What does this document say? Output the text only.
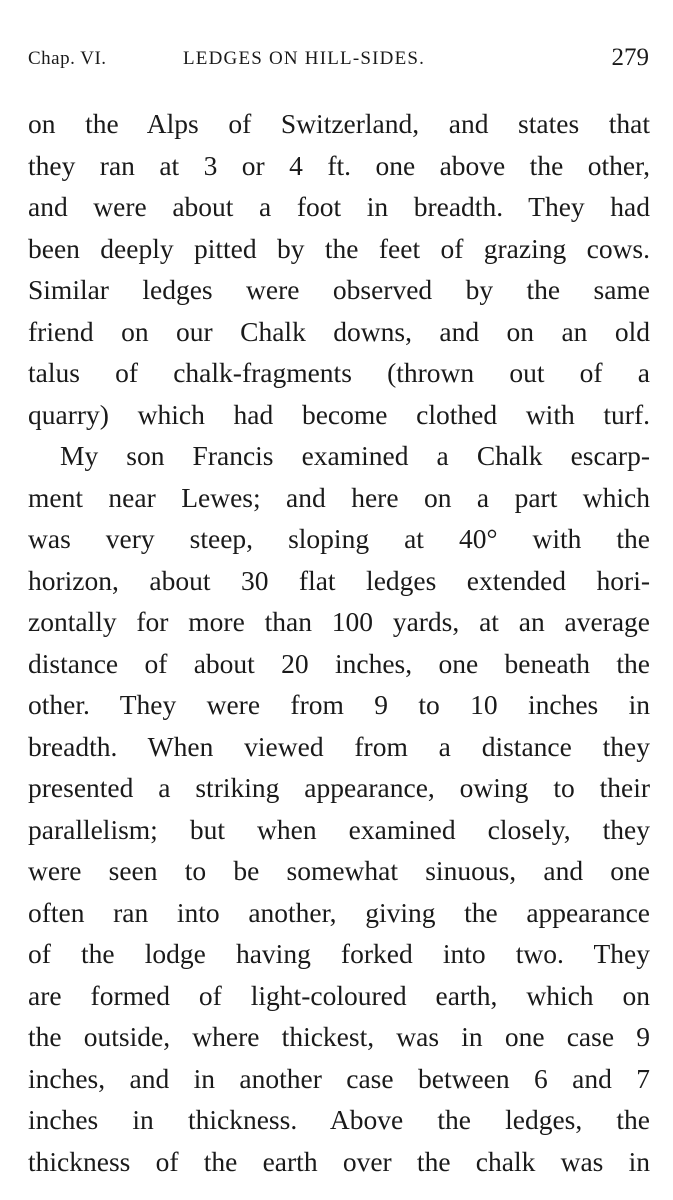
Chap. VI.	LEDGES ON HILL-SIDES.	279
on the Alps of Switzerland, and states that
they ran at 3 or 4 ft. one above the other,
and were about a foot in breadth. They had
been deeply pitted by the feet of grazing cows.
Similar ledges were observed by the same
friend on our Chalk downs, and on an old
talus of chalk-fragments (thrown out of a
quarry) which had become clothed with turf.
My son Francis examined a Chalk escarp-
ment near Lewes; and here on a part which
was very steep, sloping at 40° with the
horizon, about 30 flat ledges extended hori-
zontally for more than 100 yards, at an average
distance of about 20 inches, one beneath the
other. They were from 9 to 10 inches in
breadth. When viewed from a distance they
presented a striking appearance, owing to their
parallelism; but when examined closely, they
were seen to be somewhat sinuous, and one
often ran into another, giving the appearance
of the lodge having forked into two. They
are formed of light-coloured earth, which on
the outside, where thickest, was in one case 9
inches, and in another case between 6 and 7
inches in thickness. Above the ledges, the
thickness of the earth over the chalk was in
